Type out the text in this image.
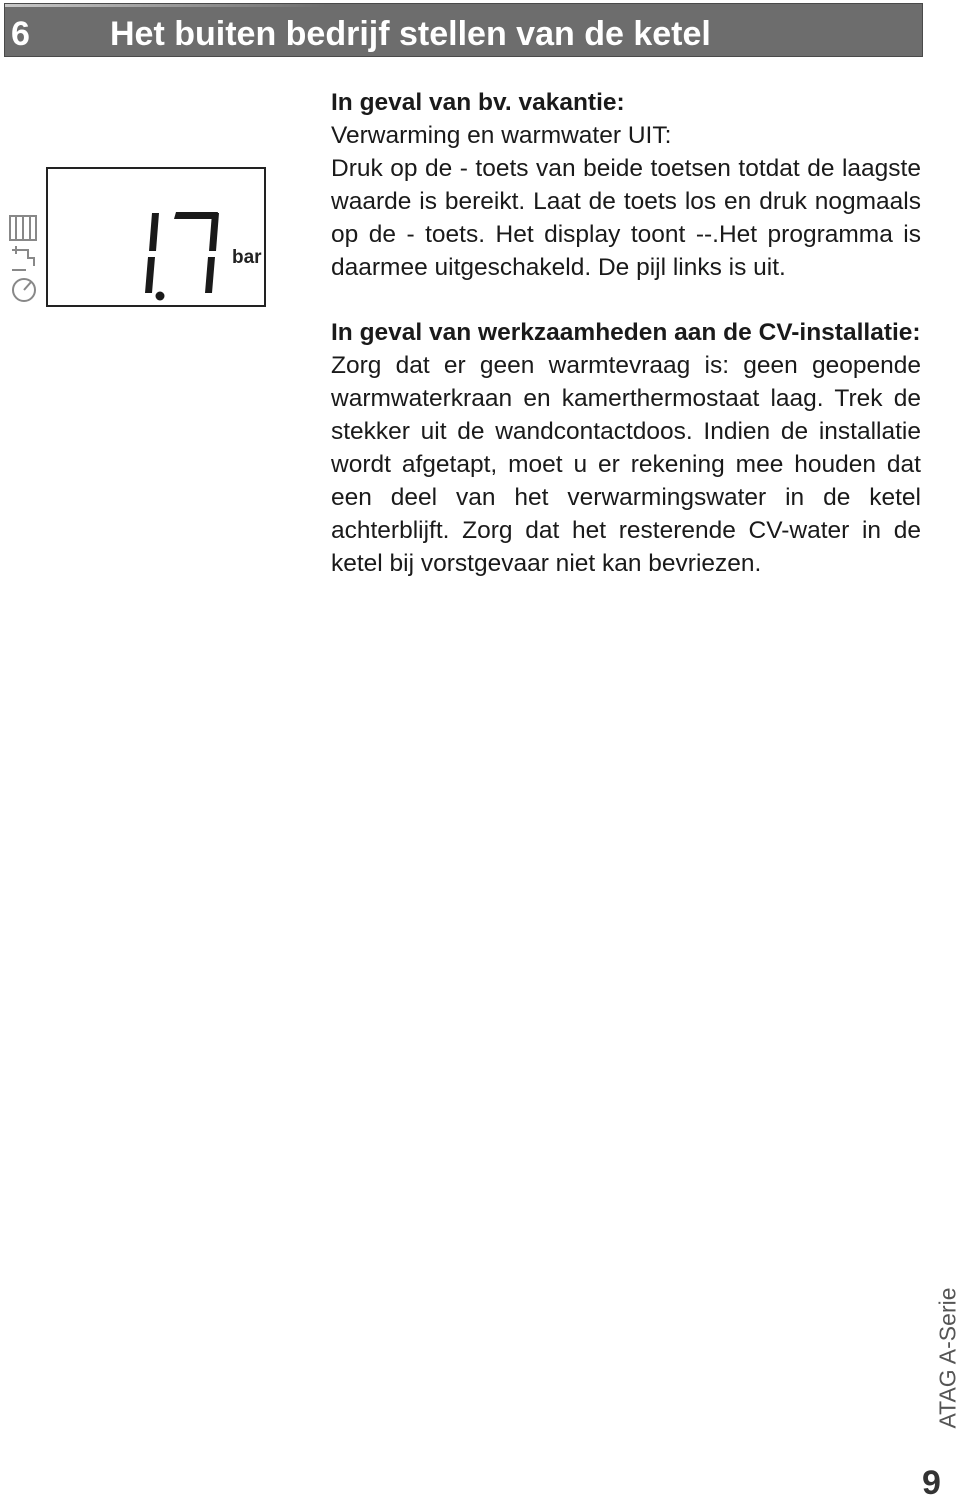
6 Het buiten bedrijf stellen van de ketel
bar

In geval van bv. vakantie:

Verwarming en warmwater UIT:

Druk op de - toets van beide toetsen totdat de laagste waarde is bereikt. Laat de toets los en druk nogmaals op de - toets. Het display toont --.Het programma is daarmee uitgeschakeld. De pijl links is uit.

In geval van werkzaamheden aan de CV-installatie:

Zorg dat er geen warmtevraag is: geen geopende warmwaterkraan en kamerthermostaat laag. Trek de stekker uit de wandcontactdoos. Indien de installatie wordt afgetapt, moet u er rekening mee houden dat een deel van het verwarmingswater in de ketel achterblijft. Zorg dat het resterende CV-water in de ketel bij vorstgevaar niet kan bevriezen.

ATAG A-Serie
9
